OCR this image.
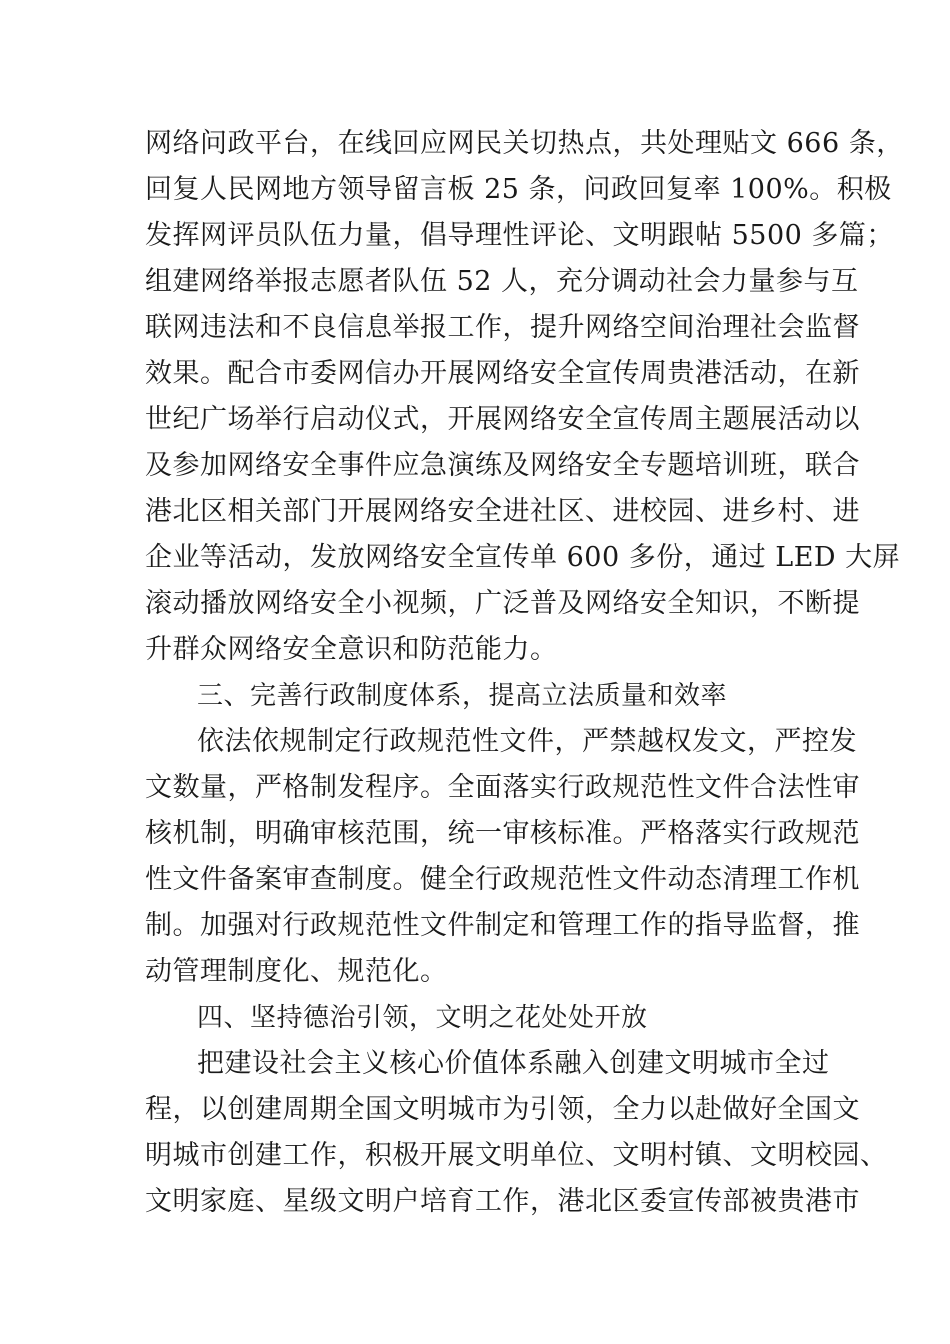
网络问政平台，在线回应网民关切热点，共处理贴文 666 条，
回复人民网地方领导留言板 25 条，问政回复率 100%。积极
发挥网评员队伍力量，倡导理性评论、文明跟帖 5500 多篇；
组建网络举报志愿者队伍 52 人，充分调动社会力量参与互
联网违法和不良信息举报工作，提升网络空间治理社会监督
效果。配合市委网信办开展网络安全宣传周贵港活动，在新
世纪广场举行启动仪式，开展网络安全宣传周主题展活动以
及参加网络安全事件应急演练及网络安全专题培训班，联合
港北区相关部门开展网络安全进社区、进校园、进乡村、进
企业等活动，发放网络安全宣传单 600 多份，通过 LED 大屏
滚动播放网络安全小视频，广泛普及网络安全知识，不断提
升群众网络安全意识和防范能力。
三、完善行政制度体系，提高立法质量和效率
依法依规制定行政规范性文件，严禁越权发文，严控发
文数量，严格制发程序。全面落实行政规范性文件合法性审
核机制，明确审核范围，统一审核标准。严格落实行政规范
性文件备案审查制度。健全行政规范性文件动态清理工作机
制。加强对行政规范性文件制定和管理工作的指导监督，推
动管理制度化、规范化。
四、坚持德治引领，文明之花处处开放
把建设社会主义核心价值体系融入创建文明城市全过
程，以创建周期全国文明城市为引领，全力以赴做好全国文
明城市创建工作，积极开展文明单位、文明村镇、文明校园、
文明家庭、星级文明户培育工作，港北区委宣传部被贵港市
